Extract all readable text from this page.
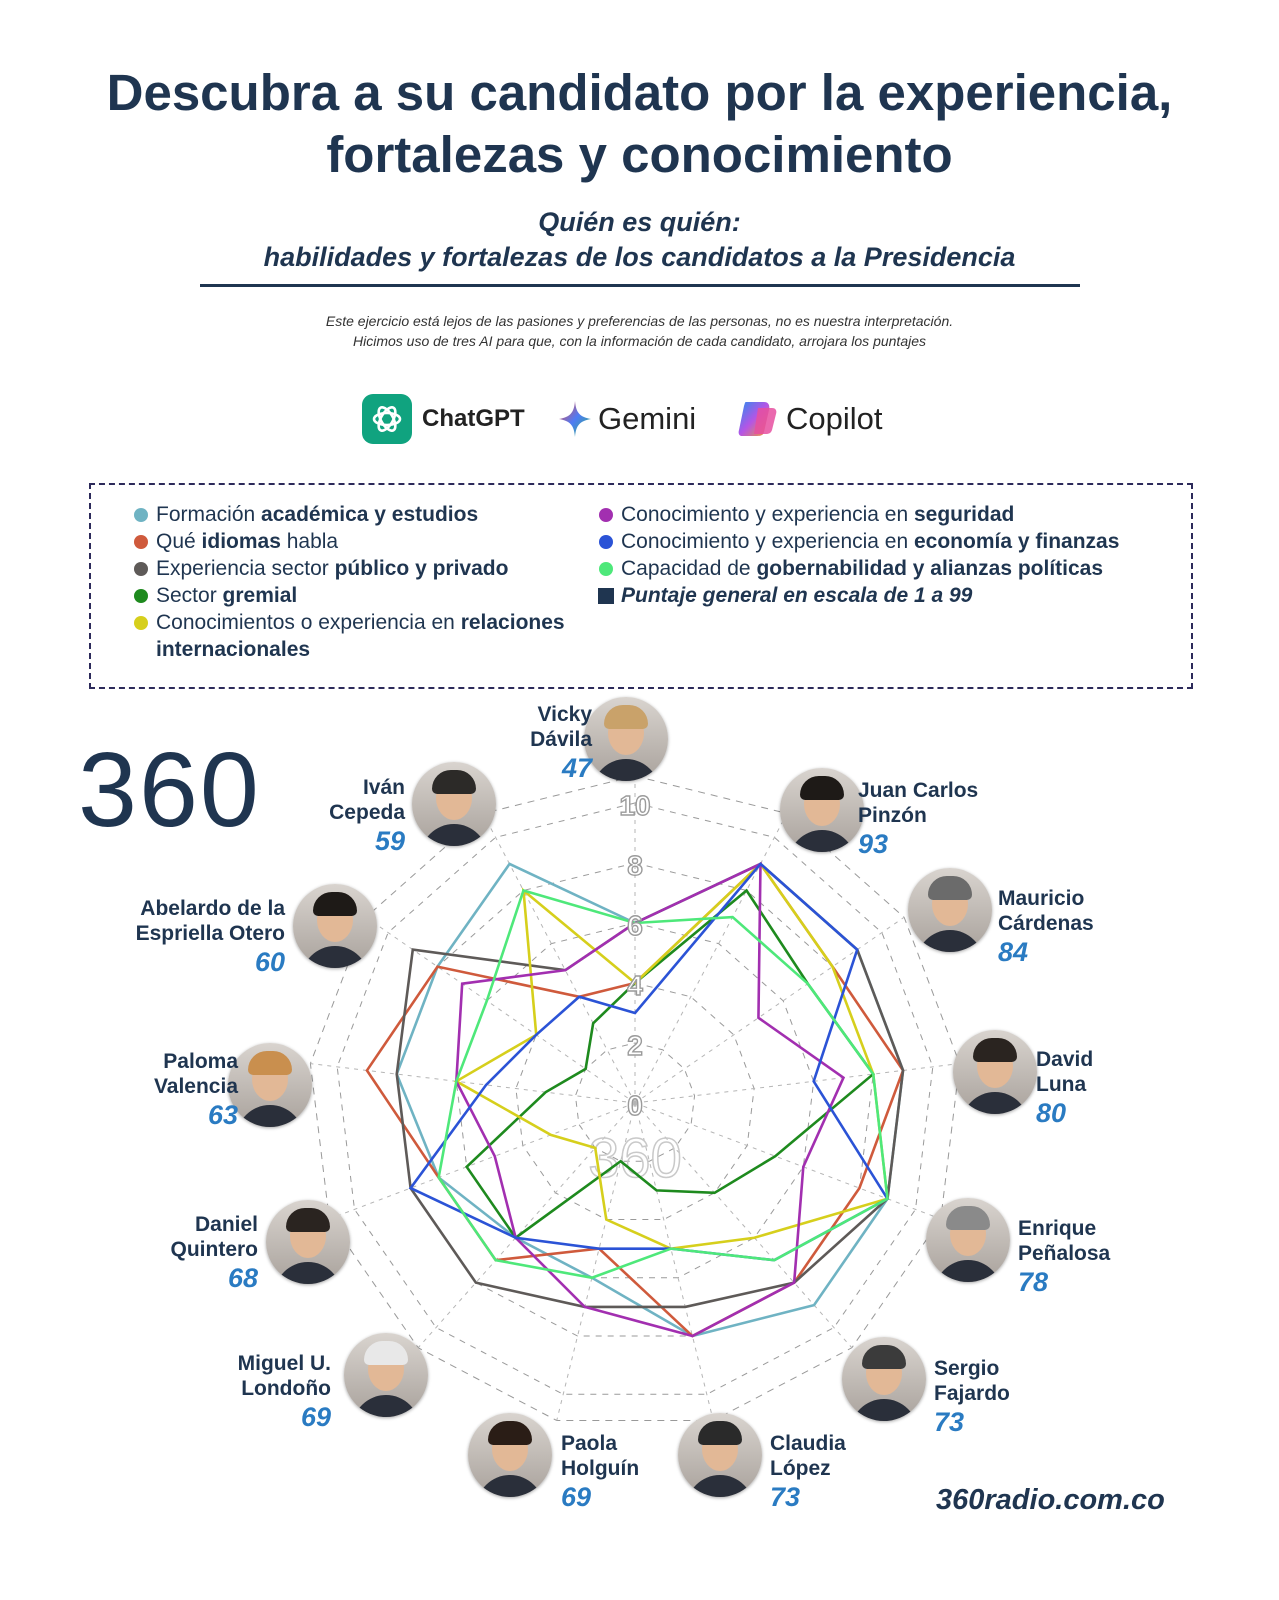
Descubra a su candidato por la experiencia,
fortalezas y conocimiento
Quién es quién:
habilidades y fortalezas de los candidatos a la Presidencia
Este ejercicio está lejos de las pasiones y preferencias de las personas, no es nuestra interpretación.
Hicimos uso de tres AI para que, con la información de cada candidato, arrojara los puntajes
ChatGPT Gemini	Copilot
Formación académica y estudios
Qué idiomas habla
Experiencia sector público y privado
Sector gremial
Conocimientos o experiencia en relaciones
internacionales
Conocimiento y experiencia en seguridad
Conocimiento y experiencia en economía y finanzas
Capacidad de gobernabilidad y alianzas políticas
Puntaje general en escala de 1 a 99
360
360
0
2
4
6
8
10
Vicky
Dávila
47
Juan Carlos
Pinzón
93
Mauricio
Cárdenas
84
David
Luna
80
Enrique
Peñalosa
78
Sergio
Fajardo
73
Claudia
López
73
Paola
Holguín
69
Miguel U.
Londoño
69
Daniel
Quintero
68
Paloma
Valencia
63
Abelardo de la
Espriella Otero
60
Iván
Cepeda
59
360radio.com.co
